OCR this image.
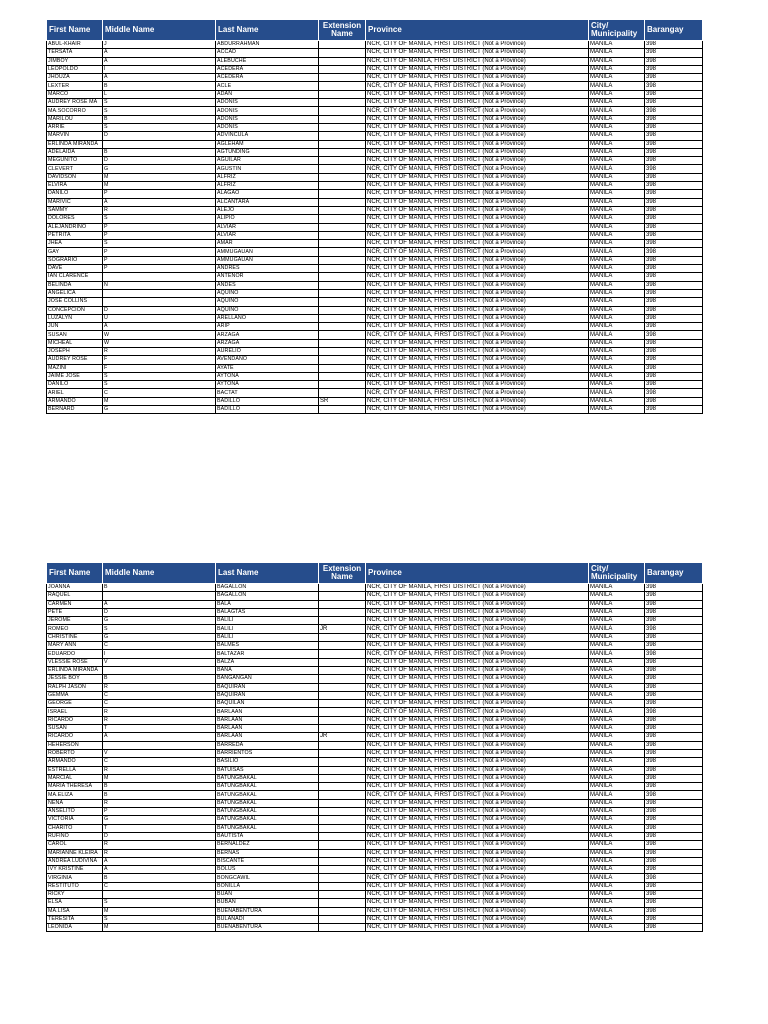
First Name	Middle Name	Last Name	Extension Name	Province	City/ Municipality	Barangay
ABUL-KHAIR	J	ABDURRAHMAN		NCR, CITY OF MANILA, FIRST DISTRICT (Not a Province)	MANILA	398
TERSATA	A	ACCAD		NCR, CITY OF MANILA, FIRST DISTRICT (Not a Province)	MANILA	398
JIMBOY	A	ALEBUCHE		NCR, CITY OF MANILA, FIRST DISTRICT (Not a Province)	MANILA	398
LEOPOLDO	I	ACEDERA		NCR, CITY OF MANILA, FIRST DISTRICT (Not a Province)	MANILA	398
JHOUZA	A	ACEDERA		NCR, CITY OF MANILA, FIRST DISTRICT (Not a Province)	MANILA	398
LEXTER	B	ACLE		NCR, CITY OF MANILA, FIRST DISTRICT (Not a Province)	MANILA	398
MARCO	L	ADAN		NCR, CITY OF MANILA, FIRST DISTRICT (Not a Province)	MANILA	398
AUDREY ROSE MA	S	ADONIS		NCR, CITY OF MANILA, FIRST DISTRICT (Not a Province)	MANILA	398
MA.SOCORRO	S	ADONIS		NCR, CITY OF MANILA, FIRST DISTRICT (Not a Province)	MANILA	398
MARILOU	B	ADONIS		NCR, CITY OF MANILA, FIRST DISTRICT (Not a Province)	MANILA	398
ARRIE	S	ADONIS		NCR, CITY OF MANILA, FIRST DISTRICT (Not a Province)	MANILA	398
MARVIN	D	ADVINCULA		NCR, CITY OF MANILA, FIRST DISTRICT (Not a Province)	MANILA	398
ERLINDA MIRANDA		AGLEHAM		NCR, CITY OF MANILA, FIRST DISTRICT (Not a Province)	MANILA	398
ADELAIDA	B	AGTUNDING		NCR, CITY OF MANILA, FIRST DISTRICT (Not a Province)	MANILA	398
MEGUNITO	D	AGUILAR		NCR, CITY OF MANILA, FIRST DISTRICT (Not a Province)	MANILA	398
CLEVERT	G	AGUSTIN		NCR, CITY OF MANILA, FIRST DISTRICT (Not a Province)	MANILA	398
DAVIDSON	M	ALFRIZ		NCR, CITY OF MANILA, FIRST DISTRICT (Not a Province)	MANILA	398
ELVIRA	M	ALFRIZ		NCR, CITY OF MANILA, FIRST DISTRICT (Not a Province)	MANILA	398
DANILO	P	ALAGAO		NCR, CITY OF MANILA, FIRST DISTRICT (Not a Province)	MANILA	398
MARIVIC	A	ALCANTARA		NCR, CITY OF MANILA, FIRST DISTRICT (Not a Province)	MANILA	398
SAMMY	R	ALEJO		NCR, CITY OF MANILA, FIRST DISTRICT (Not a Province)	MANILA	398
DOLORES	S	ALIPIO		NCR, CITY OF MANILA, FIRST DISTRICT (Not a Province)	MANILA	398
ALEJANDRINO	P	ALVIAR		NCR, CITY OF MANILA, FIRST DISTRICT (Not a Province)	MANILA	398
PETRITA	P	ALVIAR		NCR, CITY OF MANILA, FIRST DISTRICT (Not a Province)	MANILA	398
JHEA	S	AMAR		NCR, CITY OF MANILA, FIRST DISTRICT (Not a Province)	MANILA	398
GAY	P	AMMUGAUAN		NCR, CITY OF MANILA, FIRST DISTRICT (Not a Province)	MANILA	398
SOGRARIO	P	AMMUGAUAN		NCR, CITY OF MANILA, FIRST DISTRICT (Not a Province)	MANILA	398
DAVE	P	ANDRES		NCR, CITY OF MANILA, FIRST DISTRICT (Not a Province)	MANILA	398
IAN CLARENCE		ANTENOR		NCR, CITY OF MANILA, FIRST DISTRICT (Not a Province)	MANILA	398
BELINDA	N	ANDES		NCR, CITY OF MANILA, FIRST DISTRICT (Not a Province)	MANILA	398
ANGELICA		AQUINO		NCR, CITY OF MANILA, FIRST DISTRICT (Not a Province)	MANILA	398
JOSE COLLINS		AQUINO		NCR, CITY OF MANILA, FIRST DISTRICT (Not a Province)	MANILA	398
CONCEPCION	D	AQUINO		NCR, CITY OF MANILA, FIRST DISTRICT (Not a Province)	MANILA	398
LUZALYN	U	ARELLANO		NCR, CITY OF MANILA, FIRST DISTRICT (Not a Province)	MANILA	398
JUN	A	ARIP		NCR, CITY OF MANILA, FIRST DISTRICT (Not a Province)	MANILA	398
SUSAN	W	ARZAGA		NCR, CITY OF MANILA, FIRST DISTRICT (Not a Province)	MANILA	398
MICHEAL	W	ARZAGA		NCR, CITY OF MANILA, FIRST DISTRICT (Not a Province)	MANILA	398
JOSEPH	R	AURELIO		NCR, CITY OF MANILA, FIRST DISTRICT (Not a Province)	MANILA	398
AUDREY ROSE	F	AVENDAÑO		NCR, CITY OF MANILA, FIRST DISTRICT (Not a Province)	MANILA	398
MAZINI	F	AYATE		NCR, CITY OF MANILA, FIRST DISTRICT (Not a Province)	MANILA	398
JAIME JOSE	S	AYTONA		NCR, CITY OF MANILA, FIRST DISTRICT (Not a Province)	MANILA	398
DANILO	S	AYTONA		NCR, CITY OF MANILA, FIRST DISTRICT (Not a Province)	MANILA	398
ARIEL	C	BACTAT		NCR, CITY OF MANILA, FIRST DISTRICT (Not a Province)	MANILA	398
ARMANDO	M	BADILLO	SR	NCR, CITY OF MANILA, FIRST DISTRICT (Not a Province)	MANILA	398
BERNARD	G	BADILLO		NCR, CITY OF MANILA, FIRST DISTRICT (Not a Province)	MANILA	398
First Name	Middle Name	Last Name	Extension Name	Province	City/ Municipality	Barangay
JOANNA	B	BAGALLON		NCR, CITY OF MANILA, FIRST DISTRICT (Not a Province)	MANILA	398
RAQUEL		BAGALLON		NCR, CITY OF MANILA, FIRST DISTRICT (Not a Province)	MANILA	398
CARMEN	A	BALA		NCR, CITY OF MANILA, FIRST DISTRICT (Not a Province)	MANILA	398
PETE	D	BALAGTAS		NCR, CITY OF MANILA, FIRST DISTRICT (Not a Province)	MANILA	398
JEROME	G	BALILI		NCR, CITY OF MANILA, FIRST DISTRICT (Not a Province)	MANILA	398
ROMEO	S	BALILI	JR	NCR, CITY OF MANILA, FIRST DISTRICT (Not a Province)	MANILA	398
CHRISTINE	G	BALILI		NCR, CITY OF MANILA, FIRST DISTRICT (Not a Province)	MANILA	398
MARY ANN	C	BALMES		NCR, CITY OF MANILA, FIRST DISTRICT (Not a Province)	MANILA	398
EDUARDO	I	BALTAZAR		NCR, CITY OF MANILA, FIRST DISTRICT (Not a Province)	MANILA	398
VLESSIE ROSE	V	BALZA		NCR, CITY OF MANILA, FIRST DISTRICT (Not a Province)	MANILA	398
ERLINDA MIRANDA		BAÑA		NCR, CITY OF MANILA, FIRST DISTRICT (Not a Province)	MANILA	398
JESSIE BOY	B	BANGANGAN		NCR, CITY OF MANILA, FIRST DISTRICT (Not a Province)	MANILA	398
RALPH JASON	R	BAQUIRAN		NCR, CITY OF MANILA, FIRST DISTRICT (Not a Province)	MANILA	398
GEMMA	C	BAQUIRAN		NCR, CITY OF MANILA, FIRST DISTRICT (Not a Province)	MANILA	398
GEORGE	C	BAQUILAN		NCR, CITY OF MANILA, FIRST DISTRICT (Not a Province)	MANILA	398
ISRAEL	R	BARLAAN		NCR, CITY OF MANILA, FIRST DISTRICT (Not a Province)	MANILA	398
RICARDO	R	BARLAAN		NCR, CITY OF MANILA, FIRST DISTRICT (Not a Province)	MANILA	398
SUSAN	T	BARLAAN		NCR, CITY OF MANILA, FIRST DISTRICT (Not a Province)	MANILA	398
RICARDO	A	BARLAAN	JR	NCR, CITY OF MANILA, FIRST DISTRICT (Not a Province)	MANILA	398
HEHERSON		BARREDA		NCR, CITY OF MANILA, FIRST DISTRICT (Not a Province)	MANILA	398
ROBERTO	V	BARRIENTOS		NCR, CITY OF MANILA, FIRST DISTRICT (Not a Province)	MANILA	398
ARMANDO	C	BASILIO		NCR, CITY OF MANILA, FIRST DISTRICT (Not a Province)	MANILA	398
ESTRELLA	R	BATUISAS		NCR, CITY OF MANILA, FIRST DISTRICT (Not a Province)	MANILA	398
MARCIAL	M	BATUNGBAKAL		NCR, CITY OF MANILA, FIRST DISTRICT (Not a Province)	MANILA	398
MARIA THERESA	B	BATUNGBAKAL		NCR, CITY OF MANILA, FIRST DISTRICT (Not a Province)	MANILA	398
MA.ELIZA	B	BATUNGBAKAL		NCR, CITY OF MANILA, FIRST DISTRICT (Not a Province)	MANILA	398
NENA	R	BATUNGBAKAL		NCR, CITY OF MANILA, FIRST DISTRICT (Not a Province)	MANILA	398
ANSELITO	P	BATUNGBAKAL		NCR, CITY OF MANILA, FIRST DISTRICT (Not a Province)	MANILA	398
VICTORIA	G	BATUNGBAKAL		NCR, CITY OF MANILA, FIRST DISTRICT (Not a Province)	MANILA	398
CHARITO	T	BATUNGBAKAL		NCR, CITY OF MANILA, FIRST DISTRICT (Not a Province)	MANILA	398
RUFINO	D	BAUTISTA		NCR, CITY OF MANILA, FIRST DISTRICT (Not a Province)	MANILA	398
CAROL	R	BERNALDEZ		NCR, CITY OF MANILA, FIRST DISTRICT (Not a Province)	MANILA	398
MARIANNE KLEIRA	R	BERNAS		NCR, CITY OF MANILA, FIRST DISTRICT (Not a Province)	MANILA	398
ANDREA LUDIVINA	A	BISCANTE		NCR, CITY OF MANILA, FIRST DISTRICT (Not a Province)	MANILA	398
IVY KRISTINE	A	BOLUS		NCR, CITY OF MANILA, FIRST DISTRICT (Not a Province)	MANILA	398
VIRGINIA	B	BONGCAWIL		NCR, CITY OF MANILA, FIRST DISTRICT (Not a Province)	MANILA	398
RESTITUTO	C	BONILLA		NCR, CITY OF MANILA, FIRST DISTRICT (Not a Province)	MANILA	398
RICKY		BUAN		NCR, CITY OF MANILA, FIRST DISTRICT (Not a Province)	MANILA	398
ELSA	S	BUBAN		NCR, CITY OF MANILA, FIRST DISTRICT (Not a Province)	MANILA	398
MA.LISA	M	BUENABENTURA		NCR, CITY OF MANILA, FIRST DISTRICT (Not a Province)	MANILA	398
TERESITA	S	BULANADI		NCR, CITY OF MANILA, FIRST DISTRICT (Not a Province)	MANILA	398
LEONIDA	M	BUENABENTURA		NCR, CITY OF MANILA, FIRST DISTRICT (Not a Province)	MANILA	398
